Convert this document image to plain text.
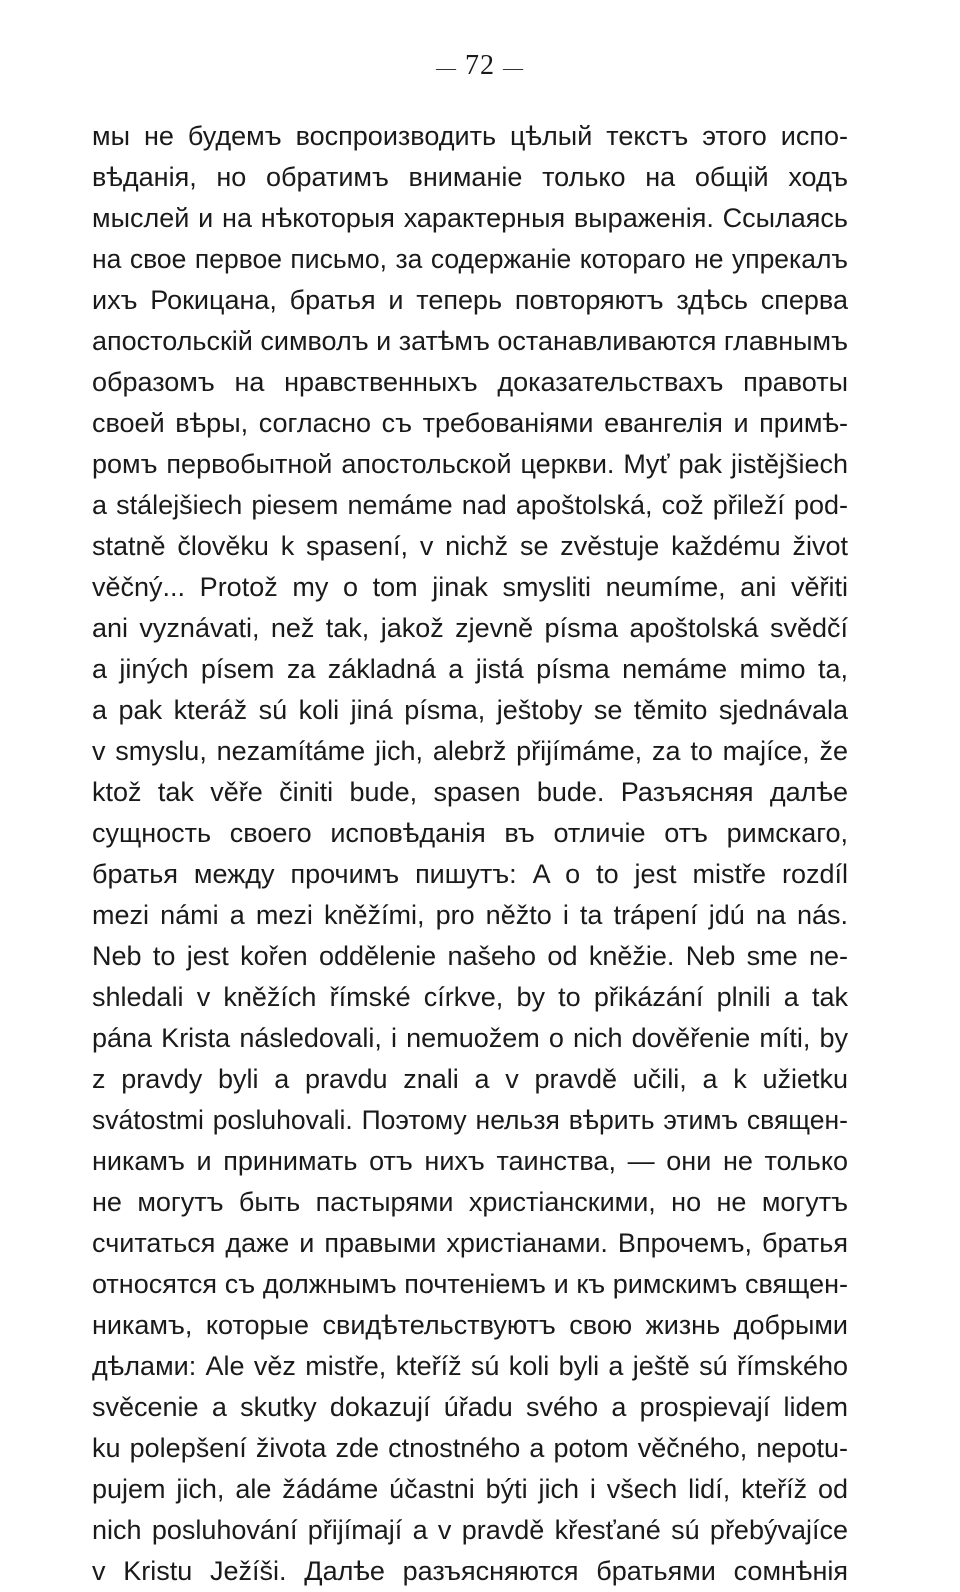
— 72 —
мы не будемъ воспроизводить цѣлый текстъ этого испо-
вѣданія, но обратимъ вниманіе только на общій ходъ
мыслей и на нѣкоторыя характерныя выраженія. Ссылаясь
на свое первое письмо, за содержаніе котораго не упрекалъ
ихъ Рокицана, братья и теперь повторяютъ здѣсь сперва
апостольскій символъ и затѣмъ останавливаются главнымъ
образомъ на нравственныхъ доказательствахъ правоты
своей вѣры, согласно съ требованіями евангелія и примѣ-
ромъ первобытной апостольской церкви. Myť pak jistějšiech
a stálejšiech piesem nemáme nad apoštolská, což přileží pod-
statně člověku k spasení, v nichž se zvěstuje každému život
věčný... Protož my o tom jinak smysliti neumíme, ani věřiti
ani vyznávati, než tak, jakož zjevně písma apoštolská svědčí
a jiných písem za základná a jistá písma nemáme mimo ta,
a pak kteráž sú koli jiná písma, ještoby se těmito sjednávala
v smyslu, nezamítáme jich, alebrž přijímáme, za to majíce, že
ktož tak věře činiti bude, spasen bude. Разъясняя далѣе
сущность своего исповѣданія въ отличіе отъ римскаго,
братья между прочимъ пишутъ: A o to jest mistře rozdíl
mezi námi a mezi kněžími, pro něžto i ta trápení jdú na nás.
Neb to jest kořen oddělenie našeho od kněžie. Neb sme ne-
shledali v kněžích římské církve, by to přikázání plnili a tak
pána Krista následovali, i nemuožem o nich dověřenie míti, by
z pravdy byli a pravdu znali a v pravdě učili, a k užietku
svátostmi posluhovali. Поэтому нельзя вѣрить этимъ священ-
никамъ и принимать отъ нихъ таинства, — они не только
не могутъ быть пастырями христіанскими, но не могутъ
считаться даже и правыми христіанами. Впрочемъ, братья
относятся съ должнымъ почтеніемъ и къ римскимъ священ-
никамъ, которые свидѣтельствуютъ свою жизнь добрыми
дѣлами: Ale věz mistře, kteříž sú koli byli a ještě sú římského
svěcenie a skutky dokazují úřadu svého a prospievají lidem
ku polepšení života zde ctnostného a potom věčného, nepotu-
pujem jich, ale žádáme účastni býti jich i všech lidí, kteříž od
nich posluhování přijímají a v pravdě křesťané sú přebývajíce
v Kristu Ježíši. Далѣе разъясняются братьями сомнѣнія
